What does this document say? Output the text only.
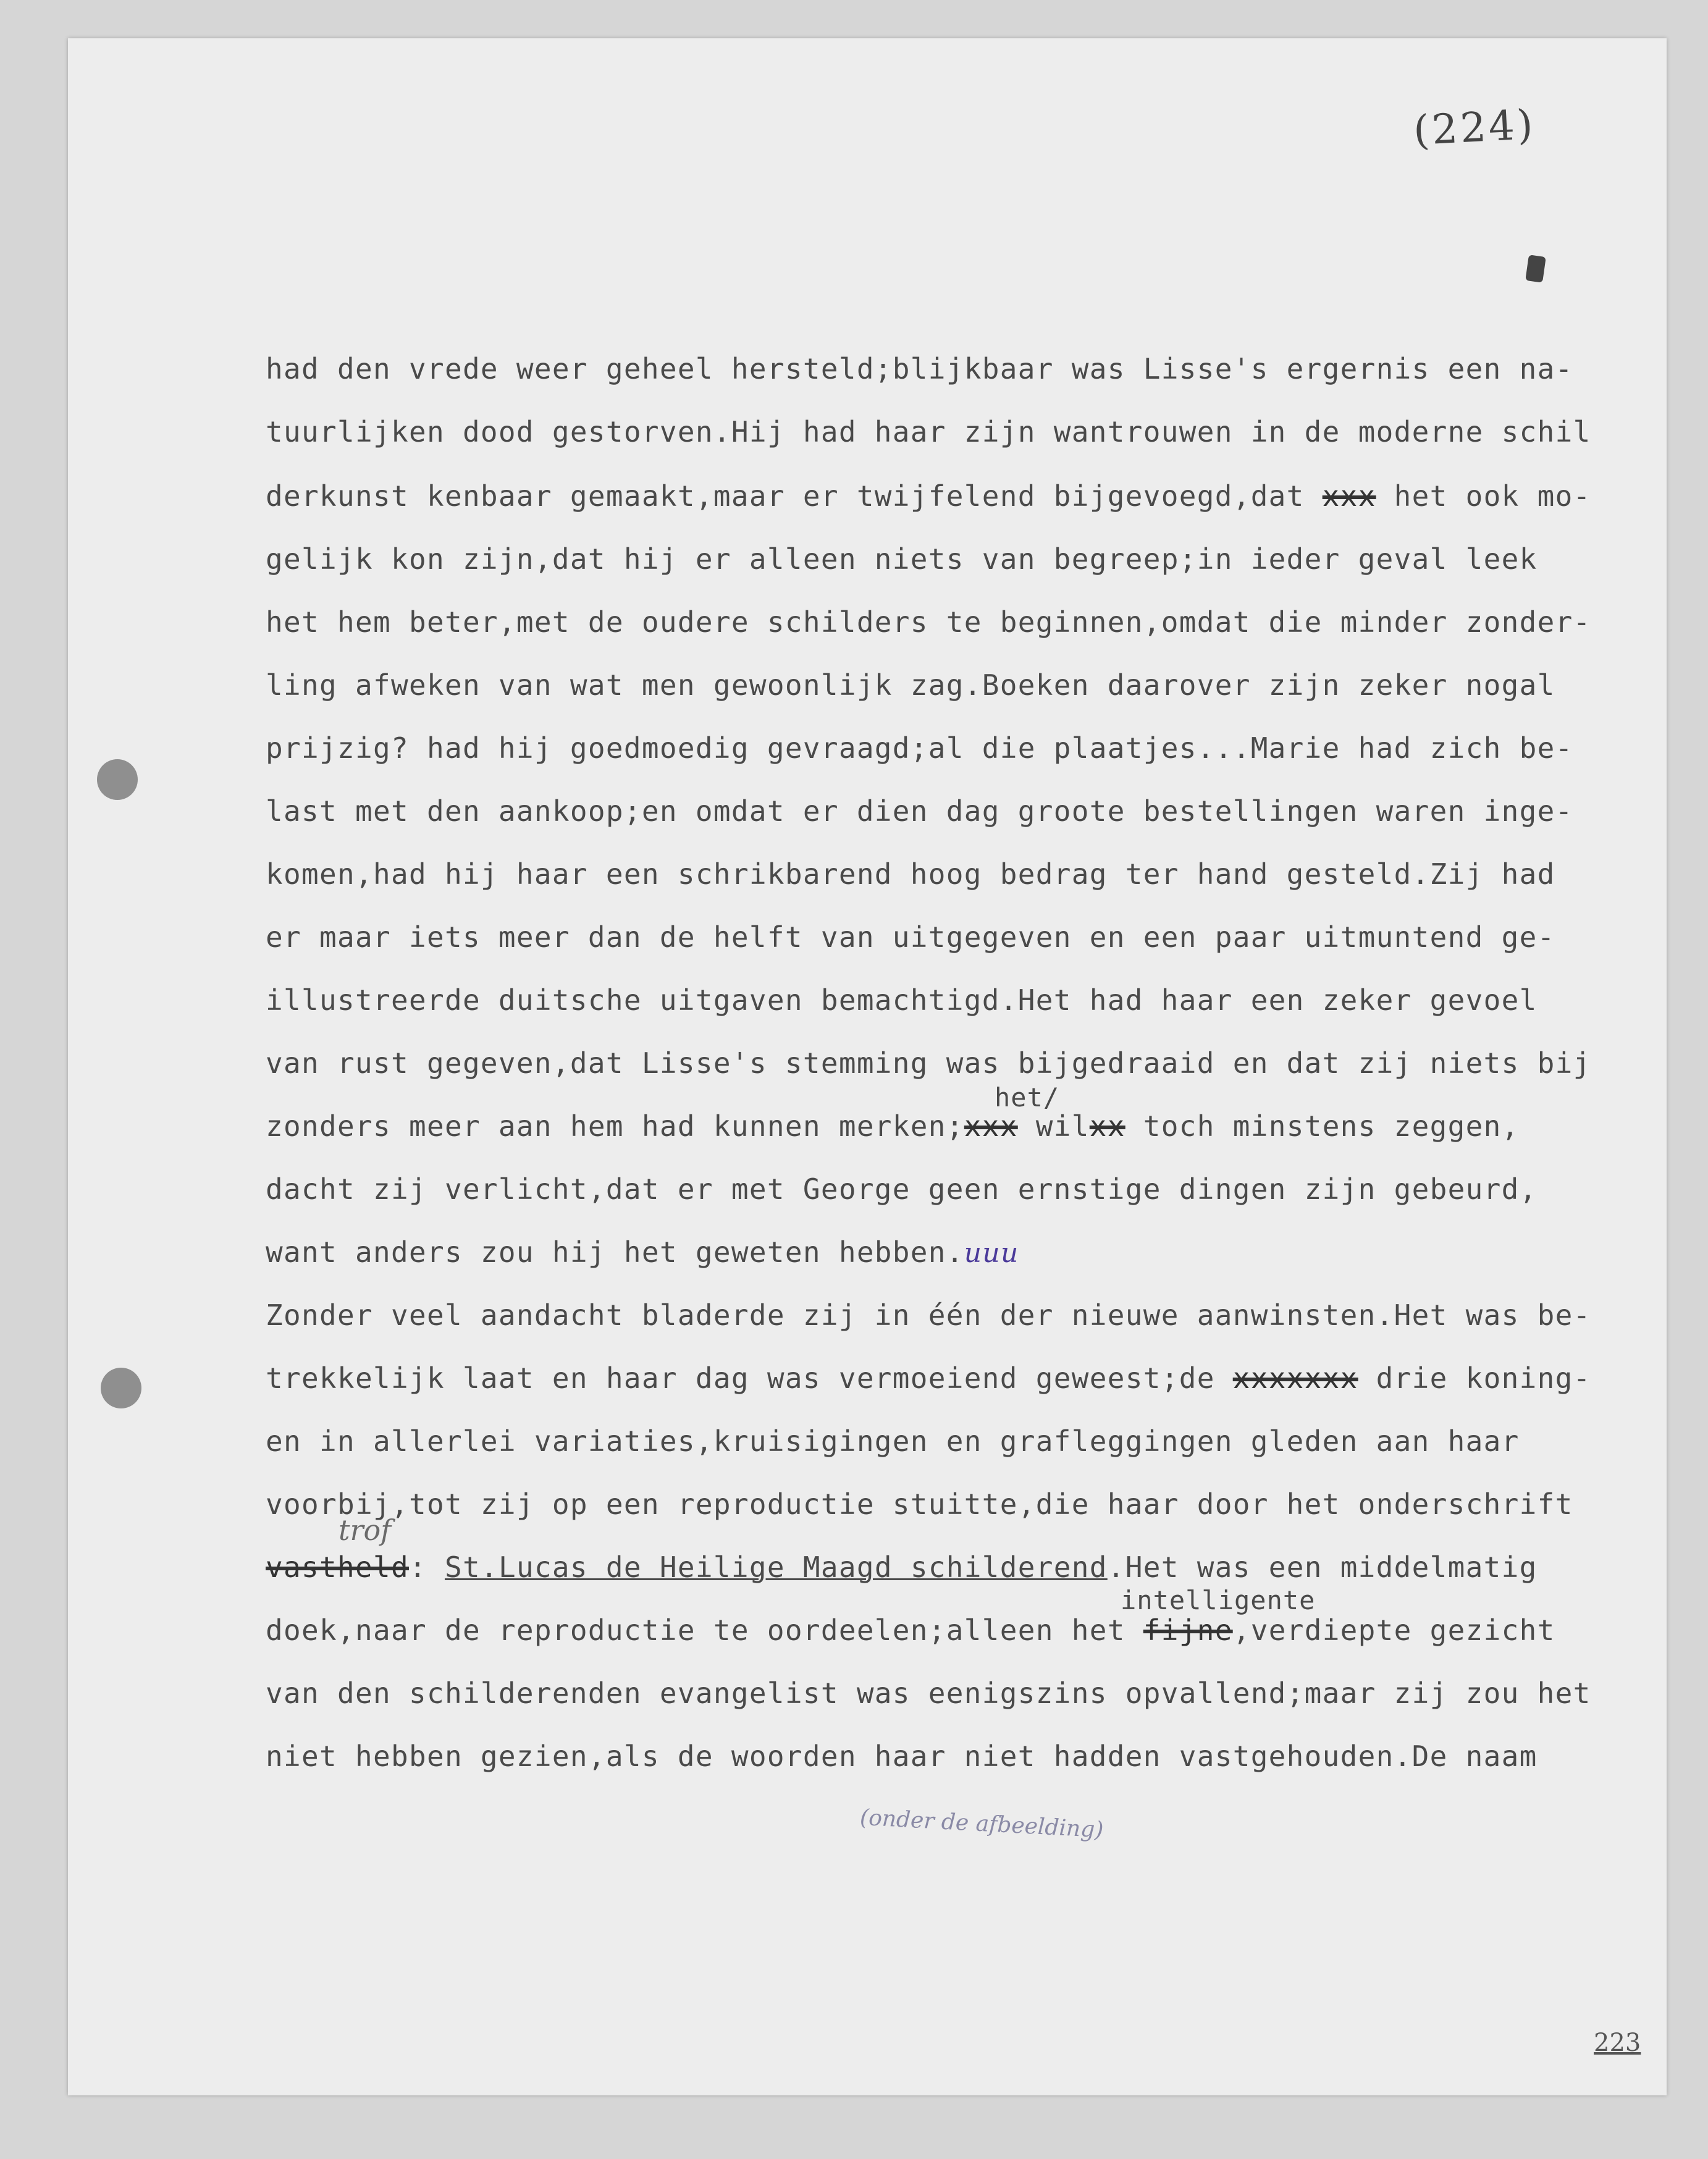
223
(224)
had den vrede weer geheel hersteld;blijkbaar was Lisse's ergernis een na-
tuurlijken dood gestorven.Hij had haar zijn wantrouwen in de moderne schil
derkunst kenbaar gemaakt,maar er twijfelend bijgevoegd,dat xxx het ook mo-
gelijk kon zijn,dat hij er alleen niets van begreep;in ieder geval leek
het hem beter,met de oudere schilders te beginnen,omdat die minder zonder-
ling afweken van wat men gewoonlijk zag.Boeken daarover zijn zeker nogal
prijzig? had hij goedmoedig gevraagd;al die plaatjes...Marie had zich be-
last met den aankoop;en omdat er dien dag groote bestellingen waren inge-
komen,had hij haar een schrikbarend hoog bedrag ter hand gesteld.Zij had
er maar iets meer dan de helft van uitgegeven en een paar uitmuntend ge-
illustreerde duitsche uitgaven bemachtigd.Het had haar een zeker gevoel
van rust gegeven,dat Lisse's stemming was bijgedraaid en dat zij niets bij
het/
zonders meer aan hem had kunnen merken;xxx wilxx toch minstens zeggen,
dacht zij verlicht,dat er met George geen ernstige dingen zijn gebeurd,
want anders zou hij het geweten hebben.uuu
Zonder veel aandacht bladerde zij in één der nieuwe aanwinsten.Het was be-
trekkelijk laat en haar dag was vermoeiend geweest;de xxxxxxx drie koning-
en in allerlei variaties,kruisigingen en grafleggingen gleden aan haar
voorbij,tot zij op een reproductie stuitte,die haar door het onderschrift
trof
vastheld: St.Lucas de Heilige Maagd schilderend.Het was een middelmatig
intelligente
doek,naar de reproductie te oordeelen;alleen het fijne,verdiepte gezicht
van den schilderenden evangelist was eenigszins opvallend;maar zij zou het
niet hebben gezien,als de woorden haar niet hadden vastgehouden.De naam
(onder de afbeelding)
